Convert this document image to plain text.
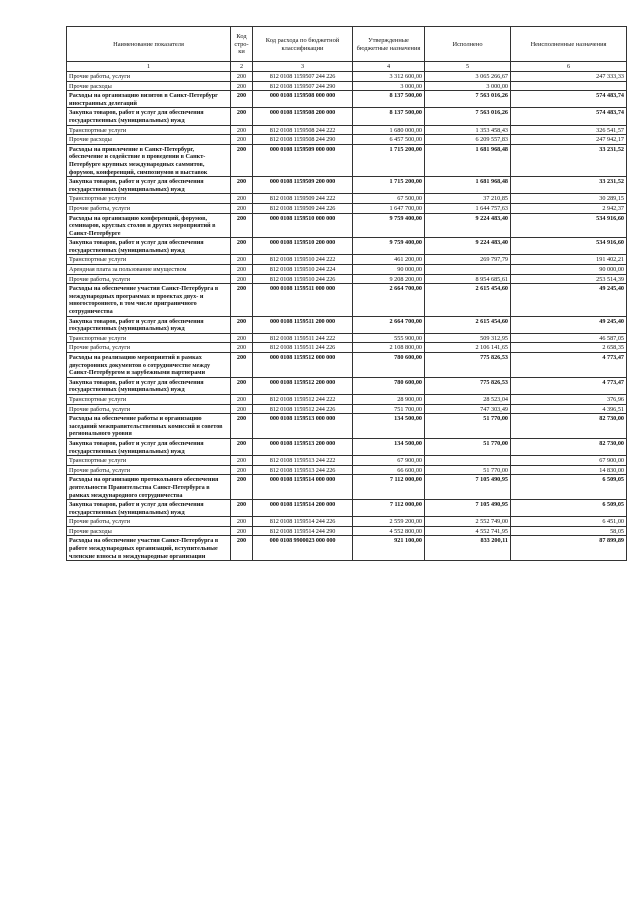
Наименование показателя	Код стро-ки	Код расхода по бюджетной классификации	Утвержденные бюджетные назначения	Исполнено	Неисполненные назначения
1	2	3	4	5	6
Прочие работы, услуги	200	812 0108 1159507 244 226	3 312 600,00	3 065 266,67	247 333,33
Прочие расходы	200	812 0108 1159507 244 290	3 000,00	3 000,00	
Расходы на организацию визитов в Санкт-Петербург иностранных делегаций	200	000 0108 1159508 000 000	8 137 500,00	7 563 016,26	574 483,74
Закупка товаров, работ и услуг для обеспечения государственных (муниципальных) нужд	200	000 0108 1159508 200 000	8 137 500,00	7 563 016,26	574 483,74
Транспортные услуги	200	812 0108 1159508 244 222	1 680 000,00	1 353 458,43	326 541,57
Прочие расходы	200	812 0108 1159508 244 290	6 457 500,00	6 209 557,83	247 942,17
Расходы на привлечение в Санкт-Петербург, обеспечение и содействие в проведении в Санкт-Петербурге крупных международных саммитов, форумов, конференций, симпозиумов и выставок	200	000 0108 1159509 000 000	1 715 200,00	1 681 968,48	33 231,52
Закупка товаров, работ и услуг для обеспечения государственных (муниципальных) нужд	200	000 0108 1159509 200 000	1 715 200,00	1 681 968,48	33 231,52
Транспортные услуги	200	812 0108 1159509 244 222	67 500,00	37 210,85	30 289,15
Прочие работы, услуги	200	812 0108 1159509 244 226	1 647 700,00	1 644 757,63	2 942,37
Расходы на организацию конференций, форумов, семинаров, круглых столов и других мероприятий в Санкт-Петербурге	200	000 0108 1159510 000 000	9 759 400,00	9 224 483,40	534 916,60
Закупка товаров, работ и услуг для обеспечения государственных (муниципальных) нужд	200	000 0108 1159510 200 000	9 759 400,00	9 224 483,40	534 916,60
Транспортные услуги	200	812 0108 1159510 244 222	461 200,00	269 797,79	191 402,21
Арендная плата за пользование имуществом	200	812 0108 1159510 244 224	90 000,00		90 000,00
Прочие работы, услуги	200	812 0108 1159510 244 226	9 208 200,00	8 954 685,61	253 514,39
Расходы на обеспечение участия Санкт-Петербурга в международных программах и проектах двух- и многостороннего, в том числе приграничного сотрудничества	200	000 0108 1159511 000 000	2 664 700,00	2 615 454,60	49 245,40
Закупка товаров, работ и услуг для обеспечения государственных (муниципальных) нужд	200	000 0108 1159511 200 000	2 664 700,00	2 615 454,60	49 245,40
Транспортные услуги	200	812 0108 1159511 244 222	555 900,00	509 312,95	46 587,05
Прочие работы, услуги	200	812 0108 1159511 244 226	2 108 800,00	2 106 141,65	2 658,35
Расходы на реализацию мероприятий в рамках двусторонних документов о сотрудничестве между Санкт-Петербургом и зарубежными партнерами	200	000 0108 1159512 000 000	780 600,00	775 826,53	4 773,47
Закупка товаров, работ и услуг для обеспечения государственных (муниципальных) нужд	200	000 0108 1159512 200 000	780 600,00	775 826,53	4 773,47
Транспортные услуги	200	812 0108 1159512 244 222	28 900,00	28 523,04	376,96
Прочие работы, услуги	200	812 0108 1159512 244 226	751 700,00	747 303,49	4 396,51
Расходы на обеспечение работы и организацию заседаний межправительственных комиссий и советов регионального уровня	200	000 0108 1159513 000 000	134 500,00	51 770,00	82 730,00
Закупка товаров, работ и услуг для обеспечения государственных (муниципальных) нужд	200	000 0108 1159513 200 000	134 500,00	51 770,00	82 730,00
Транспортные услуги	200	812 0108 1159513 244 222	67 900,00		67 900,00
Прочие работы, услуги	200	812 0108 1159513 244 226	66 600,00	51 770,00	14 830,00
Расходы на организацию протокольного обеспечения деятельности Правительства Санкт-Петербурга в рамках международного сотрудничества	200	000 0108 1159514 000 000	7 112 000,00	7 105 490,95	6 509,05
Закупка товаров, работ и услуг для обеспечения государственных (муниципальных) нужд	200	000 0108 1159514 200 000	7 112 000,00	7 105 490,95	6 509,05
Прочие работы, услуги	200	812 0108 1159514 244 226	2 559 200,00	2 552 749,00	6 451,00
Прочие расходы	200	812 0108 1159514 244 290	4 552 800,00	4 552 741,95	58,05
Расходы на обеспечение участия Санкт-Петербурга в работе международных организаций, вступительные членские взносы в международные организации	200	000 0108 9900023 000 000	921 100,00	833 200,11	87 899,89
